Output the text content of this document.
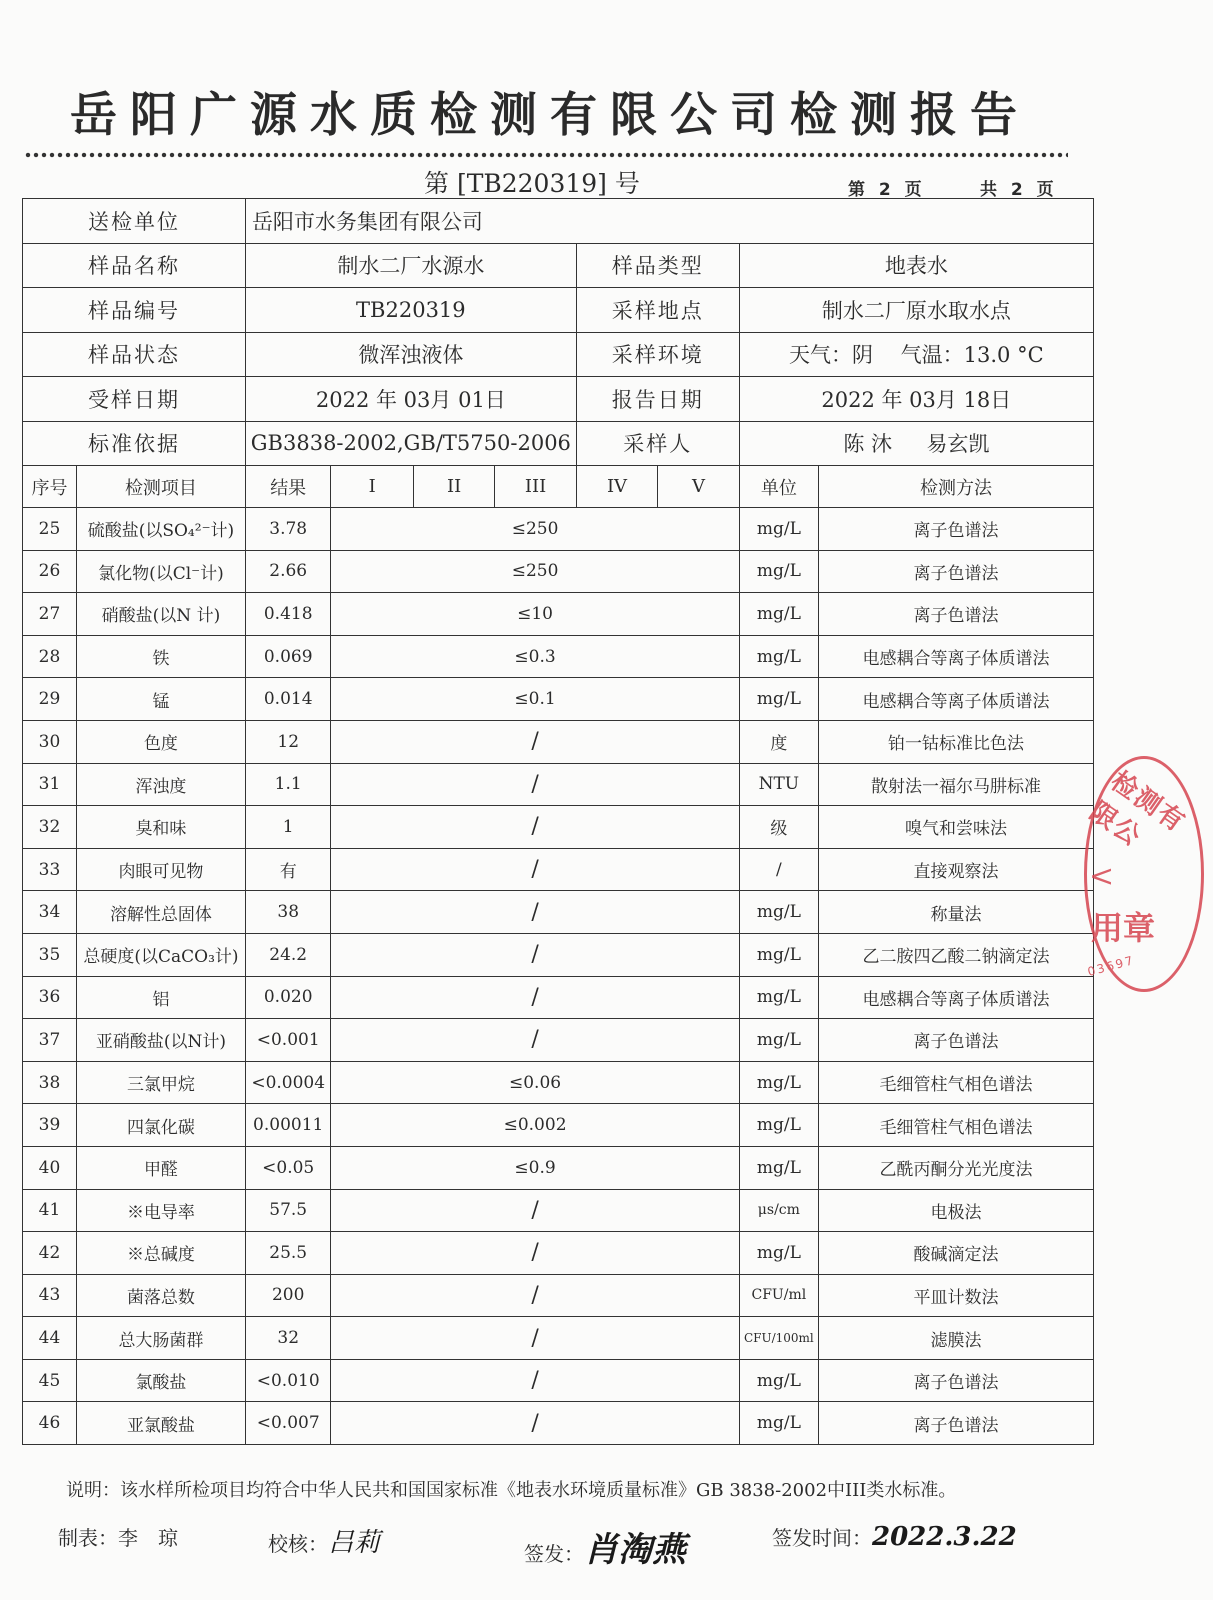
岳阳广源水质检测有限公司检测报告
第 [TB220319] 号	第 2 页	共 2 页
送检单位		岳阳市水务集团有限公司							
样品名称		制水二厂水源水				样品类型		地表水	
样品编号		TB220319				采样地点		制水二厂原水取水点	
样品状态		微浑浊液体				采样环境		天气：阴　 气温：13.0 °C	
受样日期		2022 年 03月 01日				报告日期		2022 年 03月 18日	
标准依据		GB3838-2002,GB/T5750-2006				采样人		陈 沐 　 易玄凯	
序号	检测项目	结果	I	II	III	IV	V	单位	检测方法
25	硫酸盐(以SO₄²⁻计)	3.78	≤250					mg/L	离子色谱法
26	氯化物(以Cl⁻计)	2.66	≤250					mg/L	离子色谱法
27	硝酸盐(以N 计)	0.418	≤10					mg/L	离子色谱法
28	铁	0.069	≤0.3					mg/L	电感耦合等离子体质谱法
29	锰	0.014	≤0.1					mg/L	电感耦合等离子体质谱法
30	色度	12	/					度	铂一钴标准比色法
31	浑浊度	1.1	/					NTU	散射法一福尔马肼标准
32	臭和味	1	/					级	嗅气和尝味法
33	肉眼可见物	有	/					/	直接观察法
34	溶解性总固体	38	/					mg/L	称量法
35	总硬度(以CaCO₃计)	24.2	/					mg/L	乙二胺四乙酸二钠滴定法
36	铝	0.020	/					mg/L	电感耦合等离子体质谱法
37	亚硝酸盐(以N计)	<0.001	/					mg/L	离子色谱法
38	三氯甲烷	<0.0004	≤0.06					mg/L	毛细管柱气相色谱法
39	四氯化碳	0.00011	≤0.002					mg/L	毛细管柱气相色谱法
40	甲醛	<0.05	≤0.9					mg/L	乙酰丙酮分光光度法
41	※电导率	57.5	/					μs/cm	电极法
42	※总碱度	25.5	/					mg/L	酸碱滴定法
43	菌落总数	200	/					CFU/ml	平皿计数法
44	总大肠菌群	32	/					CFU/100ml	滤膜法
45	氯酸盐	<0.010	/					mg/L	离子色谱法
46	亚氯酸盐	<0.007	/					mg/L	离子色谱法
说明：该水样所检项目均符合中华人民共和国国家标准《地表水环境质量标准》GB 3838-2002中III类水标准。
制表：李　琼	校核：吕莉	签发：肖淘燕	签发时间：2022.3.22
检测有限公
<
用章
03697
